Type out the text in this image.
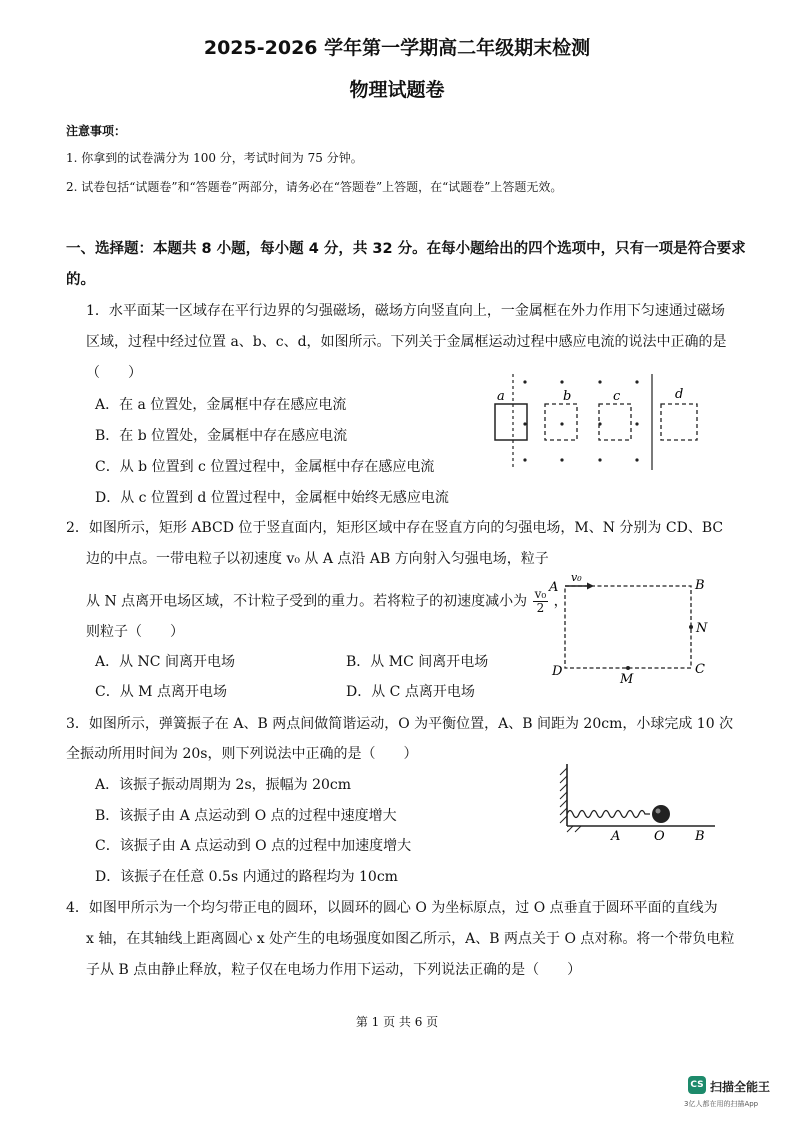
2025-2026 学年第一学期高二年级期末检测
物理试题卷
注意事项：
1. 你拿到的试卷满分为 100 分，考试时间为 75 分钟。
2. 试卷包括“试题卷”和“答题卷”两部分，请务必在“答题卷”上答题，在“试题卷”上答题无效。
一、选择题：本题共 8 小题，每小题 4 分，共 32 分。在每小题给出的四个选项中，只有一项是符合要求
的。
1．水平面某一区域存在平行边界的匀强磁场，磁场方向竖直向上，一金属框在外力作用下匀速通过磁场
区域，过程中经过位置 a、b、c、d，如图所示。下列关于金属框运动过程中感应电流的说法中正确的是
（　　）
A．在 a 位置处，金属框中存在感应电流
B．在 b 位置处，金属框中存在感应电流
C．从 b 位置到 c 位置过程中，金属框中存在感应电流
D．从 c 位置到 d 位置过程中，金属框中始终无感应电流
a	b	c	d
2．如图所示，矩形 ABCD 位于竖直面内，矩形区域中存在竖直方向的匀强电场，M、N 分别为 CD、BC
边的中点。一带电粒子以初速度 v₀ 从 A 点沿 AB 方向射入匀强电场，粒子
从 N 点离开电场区域，不计粒子受到的重力。若将粒子的初速度减小为 $\frac{\text{v₀}}{2}$ ，
则粒子（　　）
A．从 NC 间离开电场	B．从 MC 间离开电场
C．从 M 点离开电场	D．从 C 点离开电场
v₀
A	B
C
D
N
M
3．如图所示，弹簧振子在 A、B 两点间做简谐运动，O 为平衡位置，A、B 间距为 20cm，小球完成 10 次
全振动所用时间为 20s，则下列说法中正确的是（　　）
A．该振子振动周期为 2s，振幅为 20cm
B．该振子由 A 点运动到 O 点的过程中速度增大
C．该振子由 A 点运动到 O 点的过程中加速度增大
D．该振子在任意 0.5s 内通过的路程均为 10cm
A	O B
4．如图甲所示为一个均匀带正电的圆环，以圆环的圆心 O 为坐标原点，过 O 点垂直于圆环平面的直线为
x 轴，在其轴线上距离圆心 x 处产生的电场强度如图乙所示，A、B 两点关于 O 点对称。将一个带负电粒
子从 B 点由静止释放，粒子仅在电场力作用下运动，下列说法正确的是（　　）
第 1 页 共 6 页
CS 扫描全能王
3亿人都在用的扫描App
